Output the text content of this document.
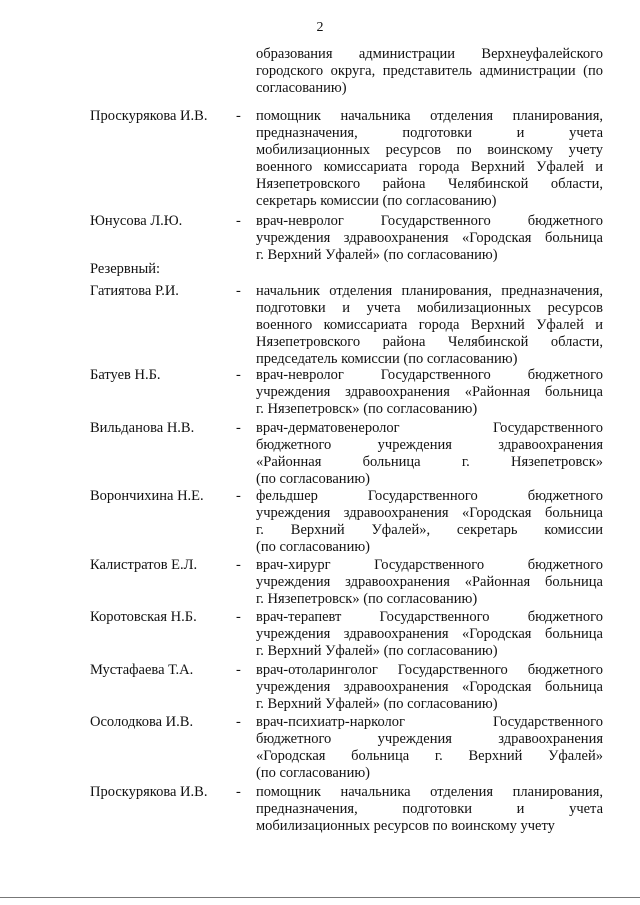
2
образования администрации Верхнеуфалейского
городского округа, представитель администрации (по
согласованию)
Проскурякова И.В. - помощник начальника отделения планирования,
предназначения, подготовки и учета
мобилизационных ресурсов по воинскому учету
военного комиссариата города Верхний Уфалей и
Нязепетровского района Челябинской области,
секретарь комиссии (по согласованию)
Юнусова Л.Ю.	- врач-невролог Государственного бюджетного
учреждения здравоохранения «Городская больница
г. Верхний Уфалей» (по согласованию)
Гатиятова Р.И.	- начальник отделения планирования, предназначения,
подготовки и учета мобилизационных ресурсов
военного комиссариата города Верхний Уфалей и
Нязепетровского района Челябинской области,
председатель комиссии (по согласованию)
Батуев Н.Б.	- врач-невролог Государственного бюджетного
учреждения здравоохранения «Районная больница
г. Нязепетровск» (по согласованию)
Вильданова Н.В.	- врач-дерматовенеролог Государственного
бюджетного учреждения здравоохранения
«Районная больница г. Нязепетровск»
(по согласованию)
Ворончихина Н.Е. - фельдшер Государственного бюджетного
учреждения здравоохранения «Городская больница
г. Верхний Уфалей», секретарь комиссии
(по согласованию)
Калистратов Е.Л.	- врач-хирург Государственного бюджетного
учреждения здравоохранения «Районная больница
г. Нязепетровск» (по согласованию)
Коротовская Н.Б.	- врач-терапевт Государственного бюджетного
учреждения здравоохранения «Городская больница
г. Верхний Уфалей» (по согласованию)
Мустафаева Т.А.	- врач-отоларинголог Государственного бюджетного
учреждения здравоохранения «Городская больница
г. Верхний Уфалей» (по согласованию)
Осолодкова И.В.	- врач-психиатр-нарколог Государственного
бюджетного учреждения здравоохранения
«Городская больница г. Верхний Уфалей»
(по согласованию)
Проскурякова И.В. - помощник начальника отделения планирования,
предназначения, подготовки и учета
мобилизационных ресурсов по воинскому учету
Резервный:
